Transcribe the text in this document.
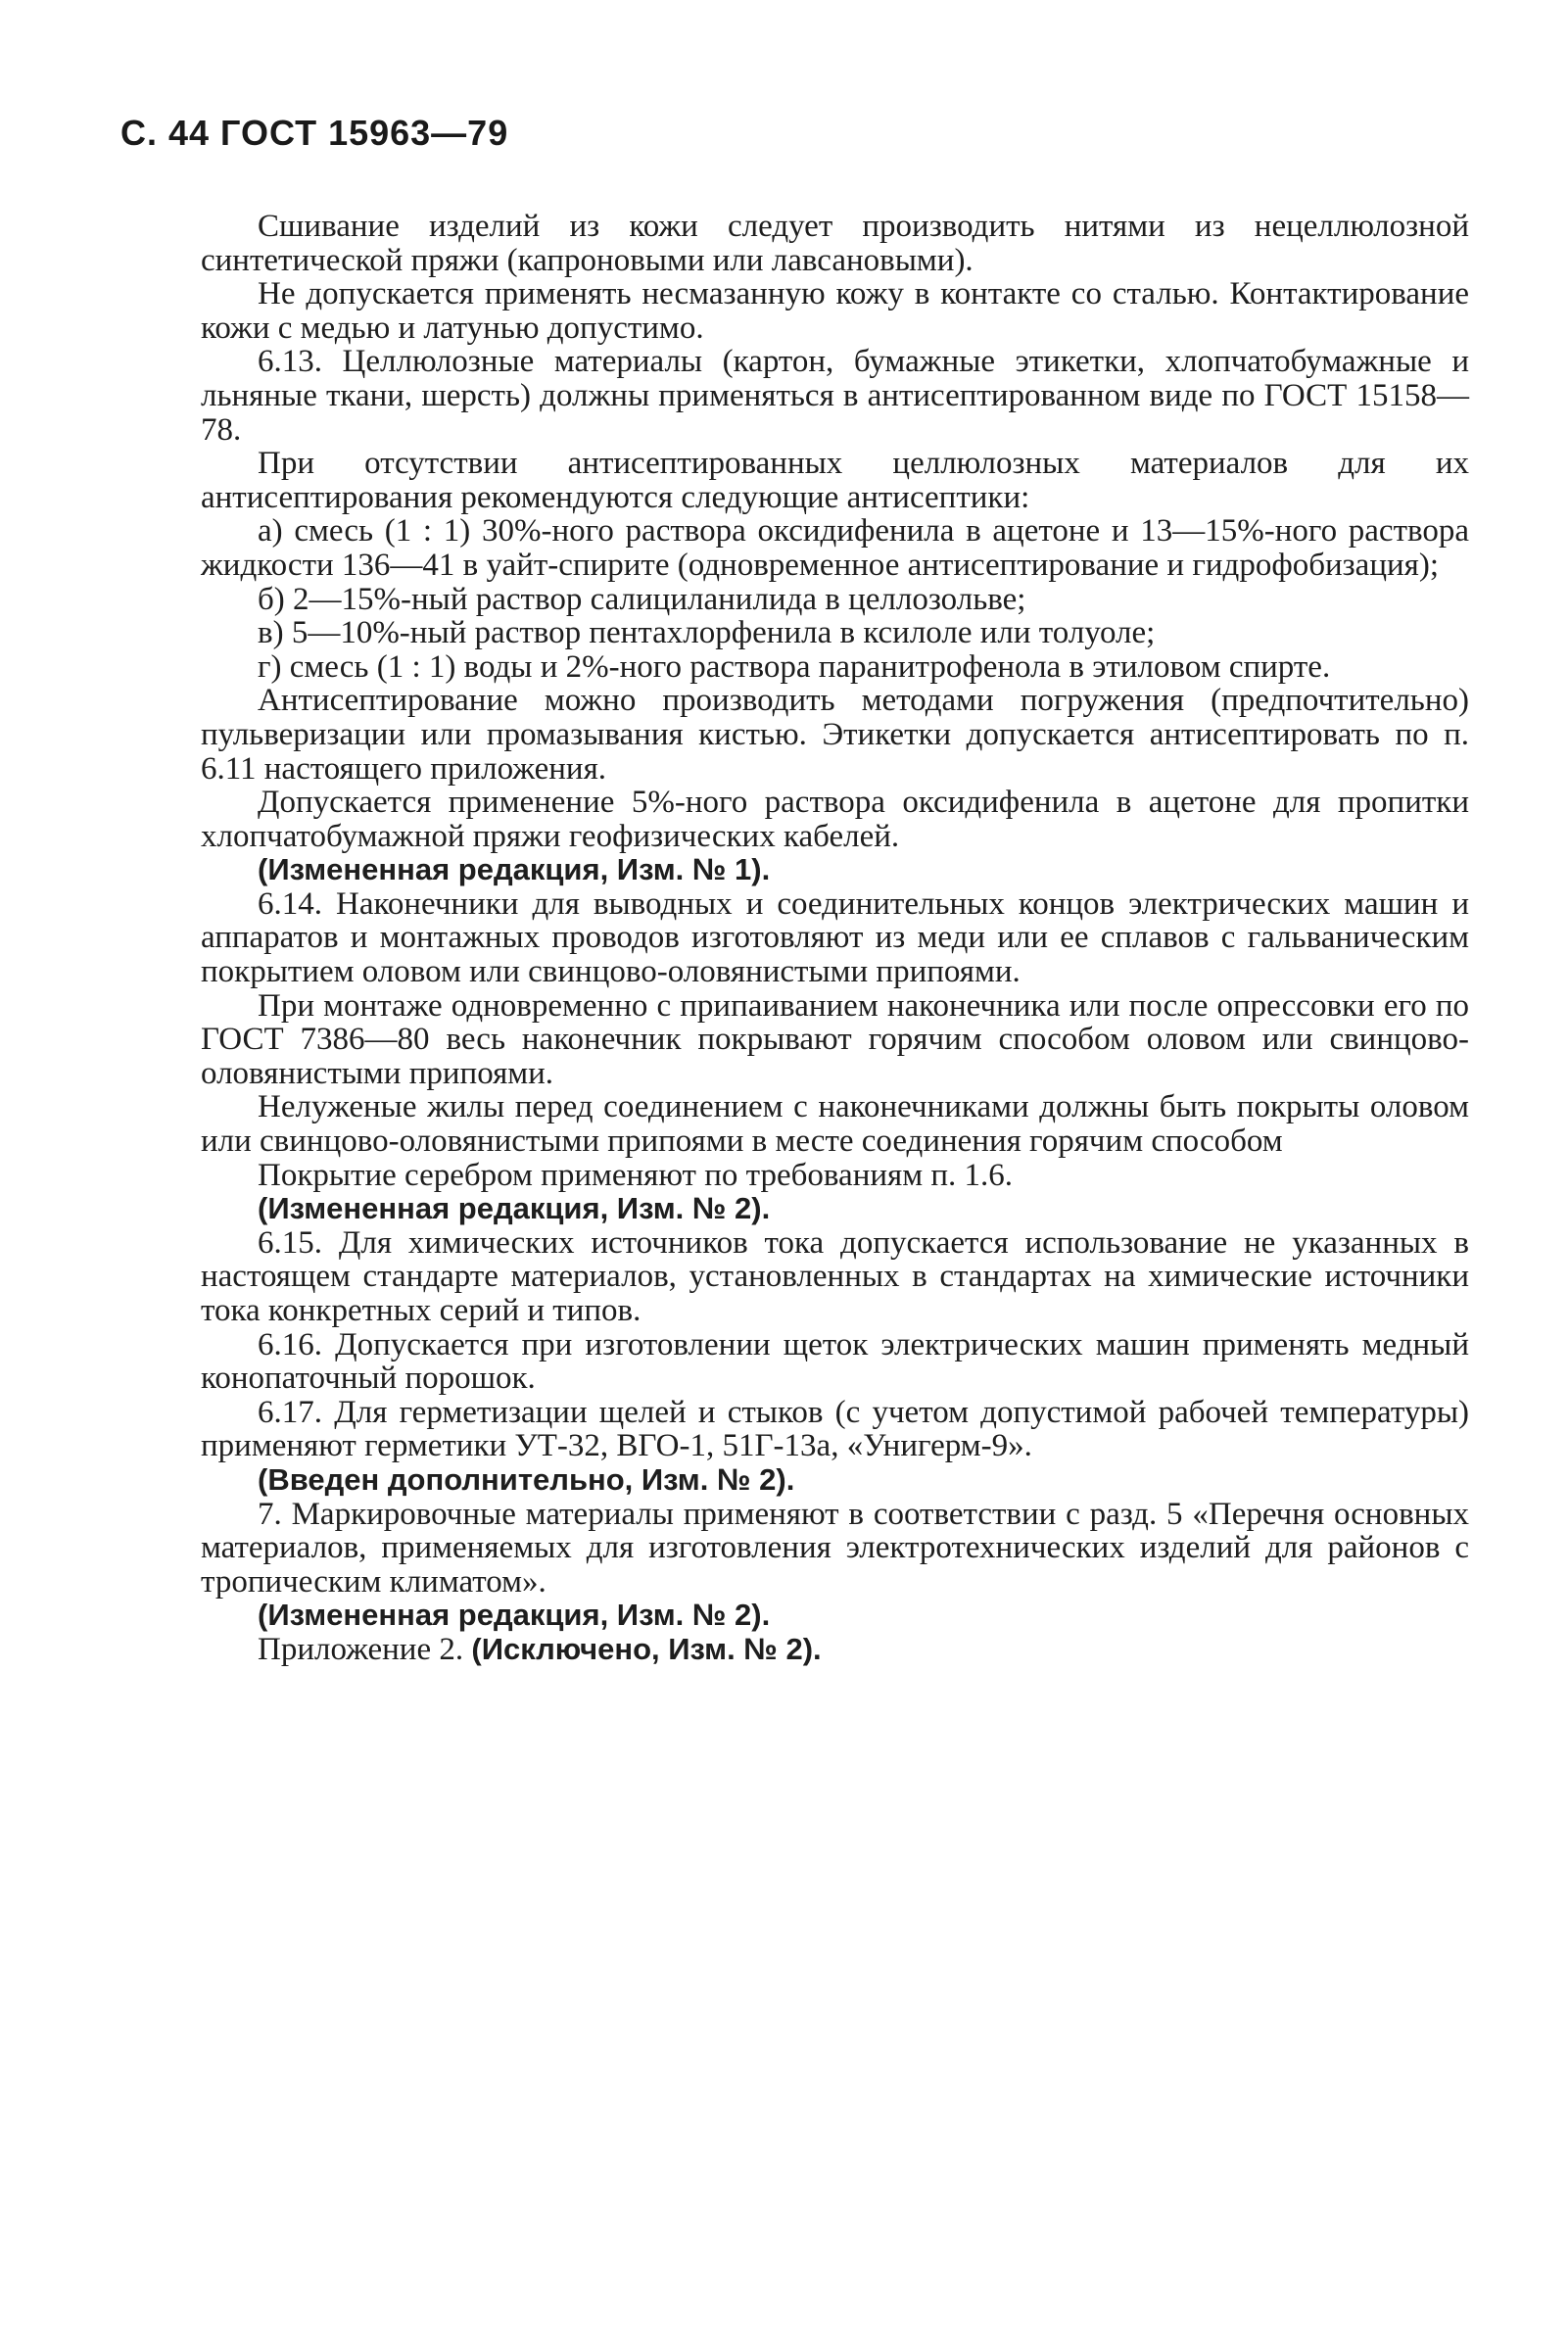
С. 44 ГОСТ 15963—79

Сшивание изделий из кожи следует производить нитями из нецеллюлозной синтетической пряжи (капроновыми или лавсановыми).

Не допускается применять несмазанную кожу в контакте со сталью. Контактирование кожи с медью и латунью допустимо.

6.13. Целлюлозные материалы (картон, бумажные этикетки, хлопчатобумажные и льняные ткани, шерсть) должны применяться в антисептированном виде по ГОСТ 15158—78.

При отсутствии антисептированных целлюлозных материалов для их антисептирования рекомендуются следующие антисептики:

а) смесь (1 : 1) 30%-ного раствора оксидифенила в ацетоне и 13—15%-ного раствора жидкости 136—41 в уайт-спирите (одновременное антисептирование и гидрофобизация);

б) 2—15%-ный раствор салициланилида в целлозольве;

в) 5—10%-ный раствор пентахлорфенила в ксилоле или толуоле;

г) смесь (1 : 1) воды и 2%-ного раствора паранитрофенола в этиловом спирте.

Антисептирование можно производить методами погружения (предпочтительно) пульверизации или промазывания кистью. Этикетки допускается антисептировать по п. 6.11 настоящего приложения.

Допускается применение 5%-ного раствора оксидифенила в ацетоне для пропитки хлопчатобумажной пряжи геофизических кабелей.

(Измененная редакция, Изм. № 1).

6.14. Наконечники для выводных и соединительных концов электрических машин и аппаратов и монтажных проводов изготовляют из меди или ее сплавов с гальваническим покрытием оловом или свинцово-оловянистыми припоями.

При монтаже одновременно с припаиванием наконечника или после опрессовки его по ГОСТ 7386—80 весь наконечник покрывают горячим способом оловом или свинцово-оловянистыми припоями.

Нелуженые жилы перед соединением с наконечниками должны быть покрыты оловом или свинцово-оловянистыми припоями в месте соединения горячим способом

Покрытие серебром применяют по требованиям п. 1.6.

(Измененная редакция, Изм. № 2).

6.15. Для химических источников тока допускается использование не указанных в настоящем стандарте материалов, установленных в стандартах на химические источники тока конкретных серий и типов.

6.16. Допускается при изготовлении щеток электрических машин применять медный конопаточный порошок.

6.17. Для герметизации щелей и стыков (с учетом допустимой рабочей температуры) применяют герметики УТ-32, ВГО-1, 51Г-13а, «Унигерм-9».

(Введен дополнительно, Изм. № 2).

7. Маркировочные материалы применяют в соответствии с разд. 5 «Перечня основных материалов, применяемых для изготовления электротехнических изделий для районов с тропическим климатом».

(Измененная редакция, Изм. № 2).

Приложение 2. (Исключено, Изм. № 2).
